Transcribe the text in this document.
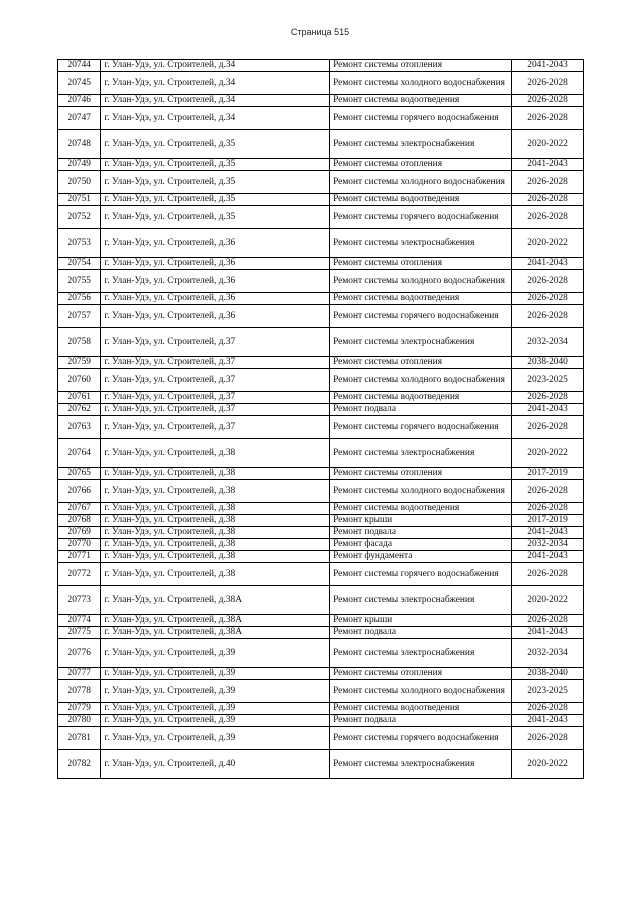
Страница 515
20744	г. Улан-Удэ, ул. Строителей, д.34	Ремонт системы отопления	2041-2043
20745	г. Улан-Удэ, ул. Строителей, д.34	Ремонт системы холодного водоснабжения	2026-2028
20746	г. Улан-Удэ, ул. Строителей, д.34	Ремонт системы водоотведения	2026-2028
20747	г. Улан-Удэ, ул. Строителей, д.34	Ремонт системы горячего водоснабжения	2026-2028
20748	г. Улан-Удэ, ул. Строителей, д.35	Ремонт системы электроснабжения	2020-2022
20749	г. Улан-Удэ, ул. Строителей, д.35	Ремонт системы отопления	2041-2043
20750	г. Улан-Удэ, ул. Строителей, д.35	Ремонт системы холодного водоснабжения	2026-2028
20751	г. Улан-Удэ, ул. Строителей, д.35	Ремонт системы водоотведения	2026-2028
20752	г. Улан-Удэ, ул. Строителей, д.35	Ремонт системы горячего водоснабжения	2026-2028
20753	г. Улан-Удэ, ул. Строителей, д.36	Ремонт системы электроснабжения	2020-2022
20754	г. Улан-Удэ, ул. Строителей, д.36	Ремонт системы отопления	2041-2043
20755	г. Улан-Удэ, ул. Строителей, д.36	Ремонт системы холодного водоснабжения	2026-2028
20756	г. Улан-Удэ, ул. Строителей, д.36	Ремонт системы водоотведения	2026-2028
20757	г. Улан-Удэ, ул. Строителей, д.36	Ремонт системы горячего водоснабжения	2026-2028
20758	г. Улан-Удэ, ул. Строителей, д.37	Ремонт системы электроснабжения	2032-2034
20759	г. Улан-Удэ, ул. Строителей, д.37	Ремонт системы отопления	2038-2040
20760	г. Улан-Удэ, ул. Строителей, д.37	Ремонт системы холодного водоснабжения	2023-2025
20761	г. Улан-Удэ, ул. Строителей, д.37	Ремонт системы водоотведения	2026-2028
20762	г. Улан-Удэ, ул. Строителей, д.37	Ремонт подвала	2041-2043
20763	г. Улан-Удэ, ул. Строителей, д.37	Ремонт системы горячего водоснабжения	2026-2028
20764	г. Улан-Удэ, ул. Строителей, д.38	Ремонт системы электроснабжения	2020-2022
20765	г. Улан-Удэ, ул. Строителей, д.38	Ремонт системы отопления	2017-2019
20766	г. Улан-Удэ, ул. Строителей, д.38	Ремонт системы холодного водоснабжения	2026-2028
20767	г. Улан-Удэ, ул. Строителей, д.38	Ремонт системы водоотведения	2026-2028
20768	г. Улан-Удэ, ул. Строителей, д.38	Ремонт крыши	2017-2019
20769	г. Улан-Удэ, ул. Строителей, д.38	Ремонт подвала	2041-2043
20770	г. Улан-Удэ, ул. Строителей, д.38	Ремонт фасада	2032-2034
20771	г. Улан-Удэ, ул. Строителей, д.38	Ремонт фундамента	2041-2043
20772	г. Улан-Удэ, ул. Строителей, д.38	Ремонт системы горячего водоснабжения	2026-2028
20773	г. Улан-Удэ, ул. Строителей, д.38А	Ремонт системы электроснабжения	2020-2022
20774	г. Улан-Удэ, ул. Строителей, д.38А	Ремонт крыши	2026-2028
20775	г. Улан-Удэ, ул. Строителей, д.38А	Ремонт подвала	2041-2043
20776	г. Улан-Удэ, ул. Строителей, д.39	Ремонт системы электроснабжения	2032-2034
20777	г. Улан-Удэ, ул. Строителей, д.39	Ремонт системы отопления	2038-2040
20778	г. Улан-Удэ, ул. Строителей, д.39	Ремонт системы холодного водоснабжения	2023-2025
20779	г. Улан-Удэ, ул. Строителей, д.39	Ремонт системы водоотведения	2026-2028
20780	г. Улан-Удэ, ул. Строителей, д.39	Ремонт подвала	2041-2043
20781	г. Улан-Удэ, ул. Строителей, д.39	Ремонт системы горячего водоснабжения	2026-2028
20782	г. Улан-Удэ, ул. Строителей, д.40	Ремонт системы электроснабжения	2020-2022
